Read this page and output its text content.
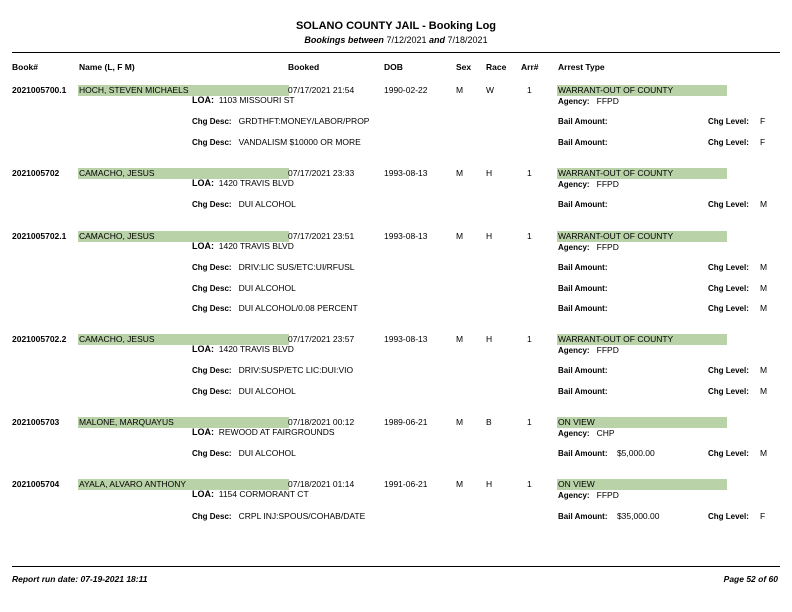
SOLANO COUNTY JAIL - Booking Log
Bookings between 7/12/2021 and 7/18/2021
Book#	Name (L, F M)	Booked	DOB	Sex Race Arr# Arrest Type
2021005700.1 HOCH, STEVEN MICHAELS	07/17/2021 21:54	1990-02-22	M	W	1	WARRANT-OUT OF COUNTY
LOA: 1103 MISSOURI ST	Agency: FFPD
Chg Desc: GRDTHFT:MONEY/LABOR/PROP	Bail Amount:	Chg Level: F
Chg Desc: VANDALISM $10000 OR MORE	Bail Amount:	Chg Level: F
2021005702 CAMACHO, JESUS	07/17/2021 23:33	1993-08-13	M	H	1	WARRANT-OUT OF COUNTY
LOA: 1420 TRAVIS BLVD	Agency: FFPD
Chg Desc: DUI ALCOHOL	Bail Amount:	Chg Level: M
2021005702.1 CAMACHO, JESUS	07/17/2021 23:51	1993-08-13	M	H	1	WARRANT-OUT OF COUNTY
LOA: 1420 TRAVIS BLVD	Agency: FFPD
Chg Desc: DRIV:LIC SUS/ETC:UI/RFUSL	Bail Amount:	Chg Level: M
Chg Desc: DUI ALCOHOL	Bail Amount:	Chg Level: M
Chg Desc: DUI ALCOHOL/0.08 PERCENT	Bail Amount:	Chg Level: M
2021005702.2 CAMACHO, JESUS	07/17/2021 23:57	1993-08-13	M	H	1	WARRANT-OUT OF COUNTY
LOA: 1420 TRAVIS BLVD	Agency: FFPD
Chg Desc: DRIV:SUSP/ETC LIC:DUI:VIO	Bail Amount:	Chg Level: M
Chg Desc: DUI ALCOHOL	Bail Amount:	Chg Level: M
2021005703 MALONE, MARQUAYUS	07/18/2021 00:12	1989-06-21	M	B	1	ON VIEW
LOA: REWOOD AT FAIRGROUNDS	Agency: CHP
Chg Desc: DUI ALCOHOL	Bail Amount: $5,000.00	Chg Level: M
2021005704 AYALA, ALVARO ANTHONY	07/18/2021 01:14	1991-06-21	M	H	1	ON VIEW
LOA: 1154 CORMORANT CT	Agency: FFPD
Chg Desc: CRPL INJ:SPOUS/COHAB/DATE	Bail Amount: $35,000.00	Chg Level: F
Report run date: 07-19-2021 18:11	Page 52 of 60
